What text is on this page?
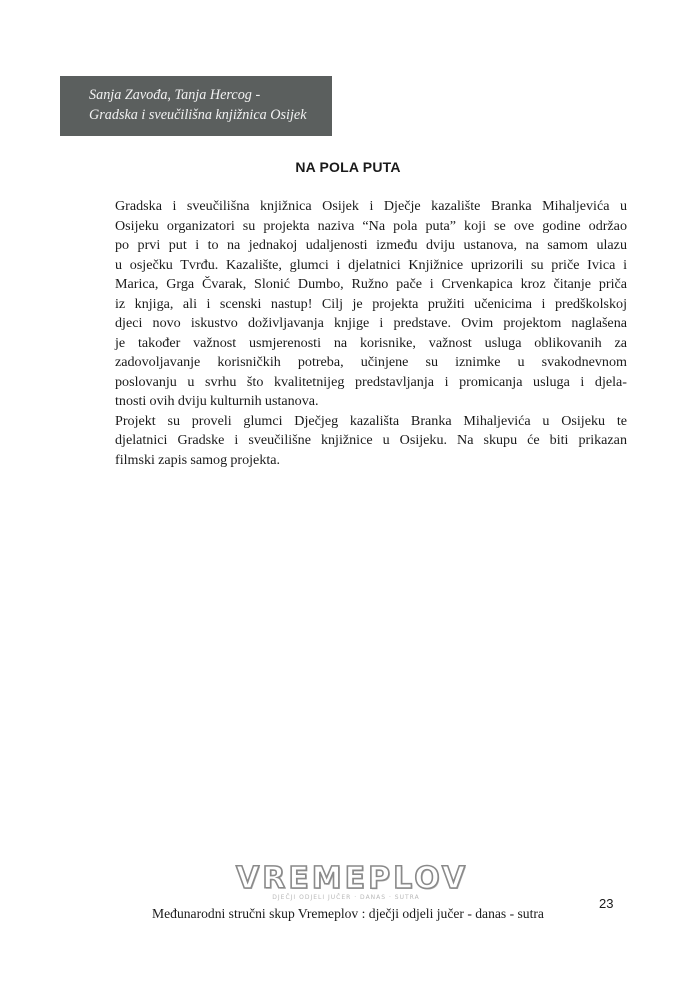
Sanja Zavođa, Tanja Hercog -
Gradska i sveučilišna knjižnica Osijek
NA POLA PUTA
Gradska i sveučilišna knjižnica Osijek i Dječje kazalište Branka Mihaljevića u
Osijeku organizatori su projekta naziva “Na pola puta” koji se ove godine održao
po prvi put i to na jednakoj udaljenosti između dviju ustanova, na samom ulazu
u osječku Tvrđu. Kazalište, glumci i djelatnici Knjižnice uprizorili su priče Ivica i
Marica, Grga Čvarak, Slonić Dumbo, Ružno pače i Crvenkapica kroz čitanje priča
iz knjiga, ali i scenski nastup! Cilj je projekta pružiti učenicima i predškolskoj
djeci novo iskustvo doživljavanja knjige i predstave. Ovim projektom naglašena
je također važnost usmjerenosti na korisnike, važnost usluga oblikovanih za
zadovoljavanje korisničkih potreba, učinjene su iznimke u svakodnevnom
poslovanju u svrhu što kvalitetnijeg predstavljanja i promicanja usluga i djela-
tnosti ovih dviju kulturnih ustanova.
Projekt su proveli glumci Dječjeg kazališta Branka Mihaljevića u Osijeku te
djelatnici Gradske i sveučilišne knjižnice u Osijeku. Na skupu će biti prikazan
filmski zapis samog projekta.
VREMEPLOV
DJEČJI ODJELI JUČER · DANAS · SUTRA
Međunarodni stručni skup Vremeplov : dječji odjeli jučer - danas - sutra
23
